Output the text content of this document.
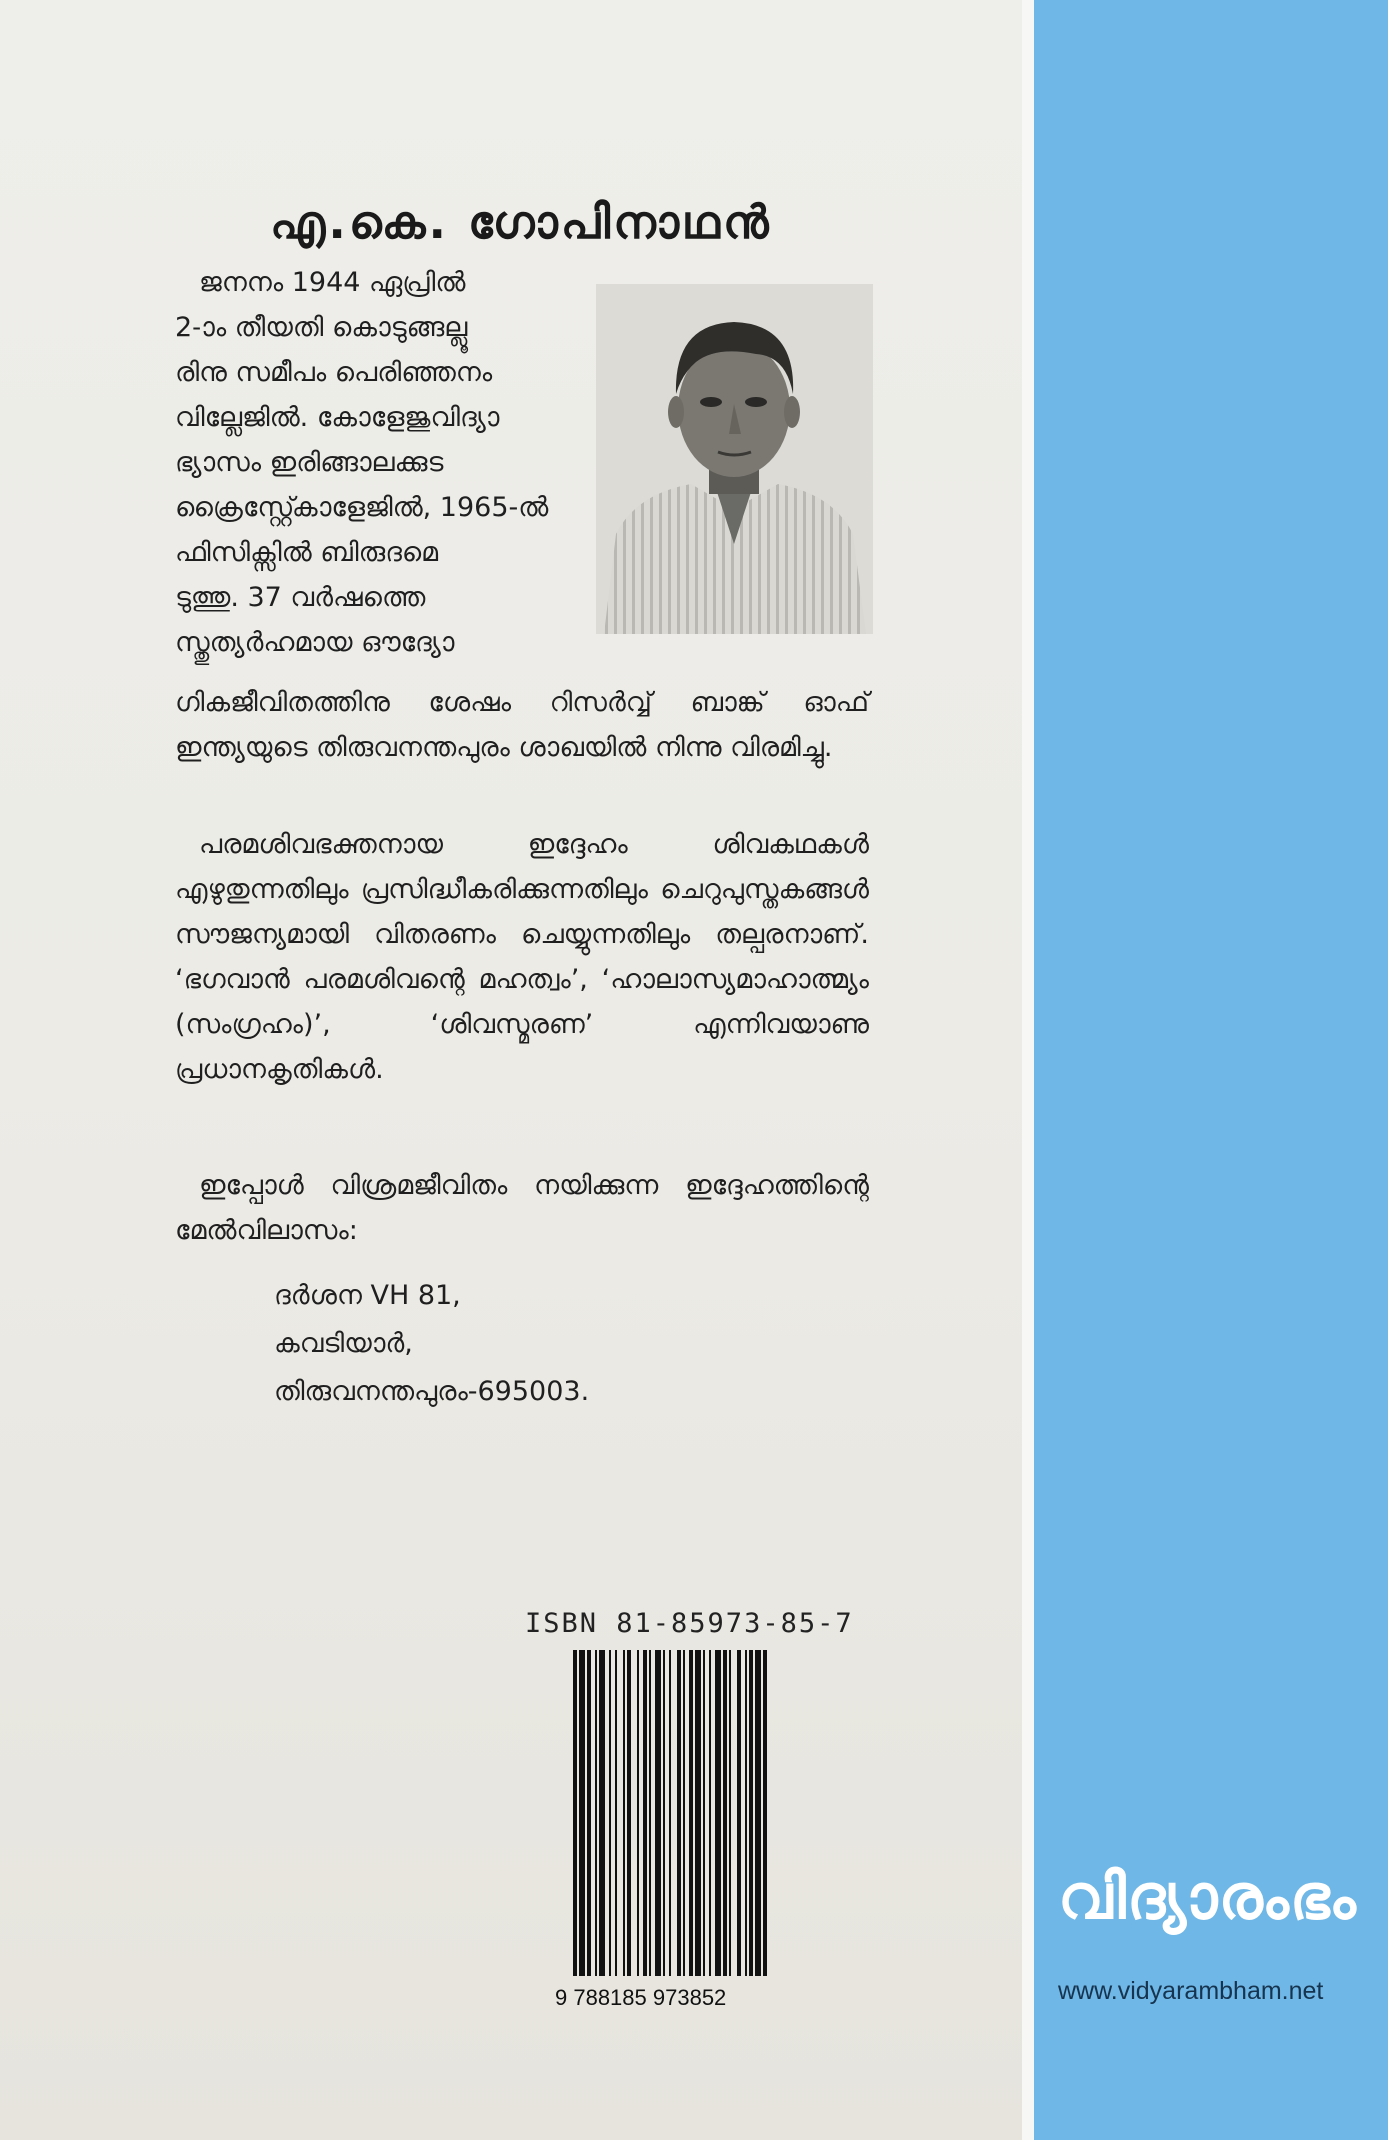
എ.കെ. ഗോപിനാഥൻ
ജനനം 1944 ഏപ്രിൽ
2-ാം തീയതി കൊടുങ്ങല്ലൂ
രിനു സമീപം പെരിഞ്ഞനം
വില്ലേജിൽ. കോളേജുവിദ്യാ
ഭ്യാസം ഇരിങ്ങാലക്കുട
ക്രൈസ്റ്റ്കോളേജിൽ, 1965-ൽ
ഫിസിക്സിൽ ബിരുദമെ
ടുത്തു. 37 വർഷത്തെ
സ്തുത്യർഹമായ ഔദ്യോ

ഗികജീവിതത്തിനു ശേഷം റിസർവ്വ് ബാങ്ക് ഓഫ് ഇന്ത്യയുടെ തിരുവനന്തപുരം ശാഖയിൽ നിന്നു വിരമിച്ചു.

പരമശിവഭക്തനായ ഇദ്ദേഹം ശിവകഥകൾ എഴുതുന്നതിലും പ്രസിദ്ധീകരിക്കുന്നതിലും ചെറുപുസ്തകങ്ങൾ സൗജന്യമായി വിതരണം ചെയ്യുന്നതിലും തല്പരനാണ്. ‘ഭഗവാൻ പരമശിവന്റെ മഹത്വം’, ‘ഹാലാസ്യമാഹാത്മ്യം (സംഗ്രഹം)’, ‘ശിവസ്മരണ’ എന്നിവയാണു പ്രധാനകൃതികൾ.

ഇപ്പോൾ വിശ്രമജീവിതം നയിക്കുന്ന ഇദ്ദേഹത്തിന്റെ മേൽവിലാസം:

ദർശന VH 81,
കവടിയാർ,
തിരുവനന്തപുരം-695003.
ISBN 81-85973-85-7
9 788185 973852
വിദ്യാരംഭം
www.vidyarambham.net
